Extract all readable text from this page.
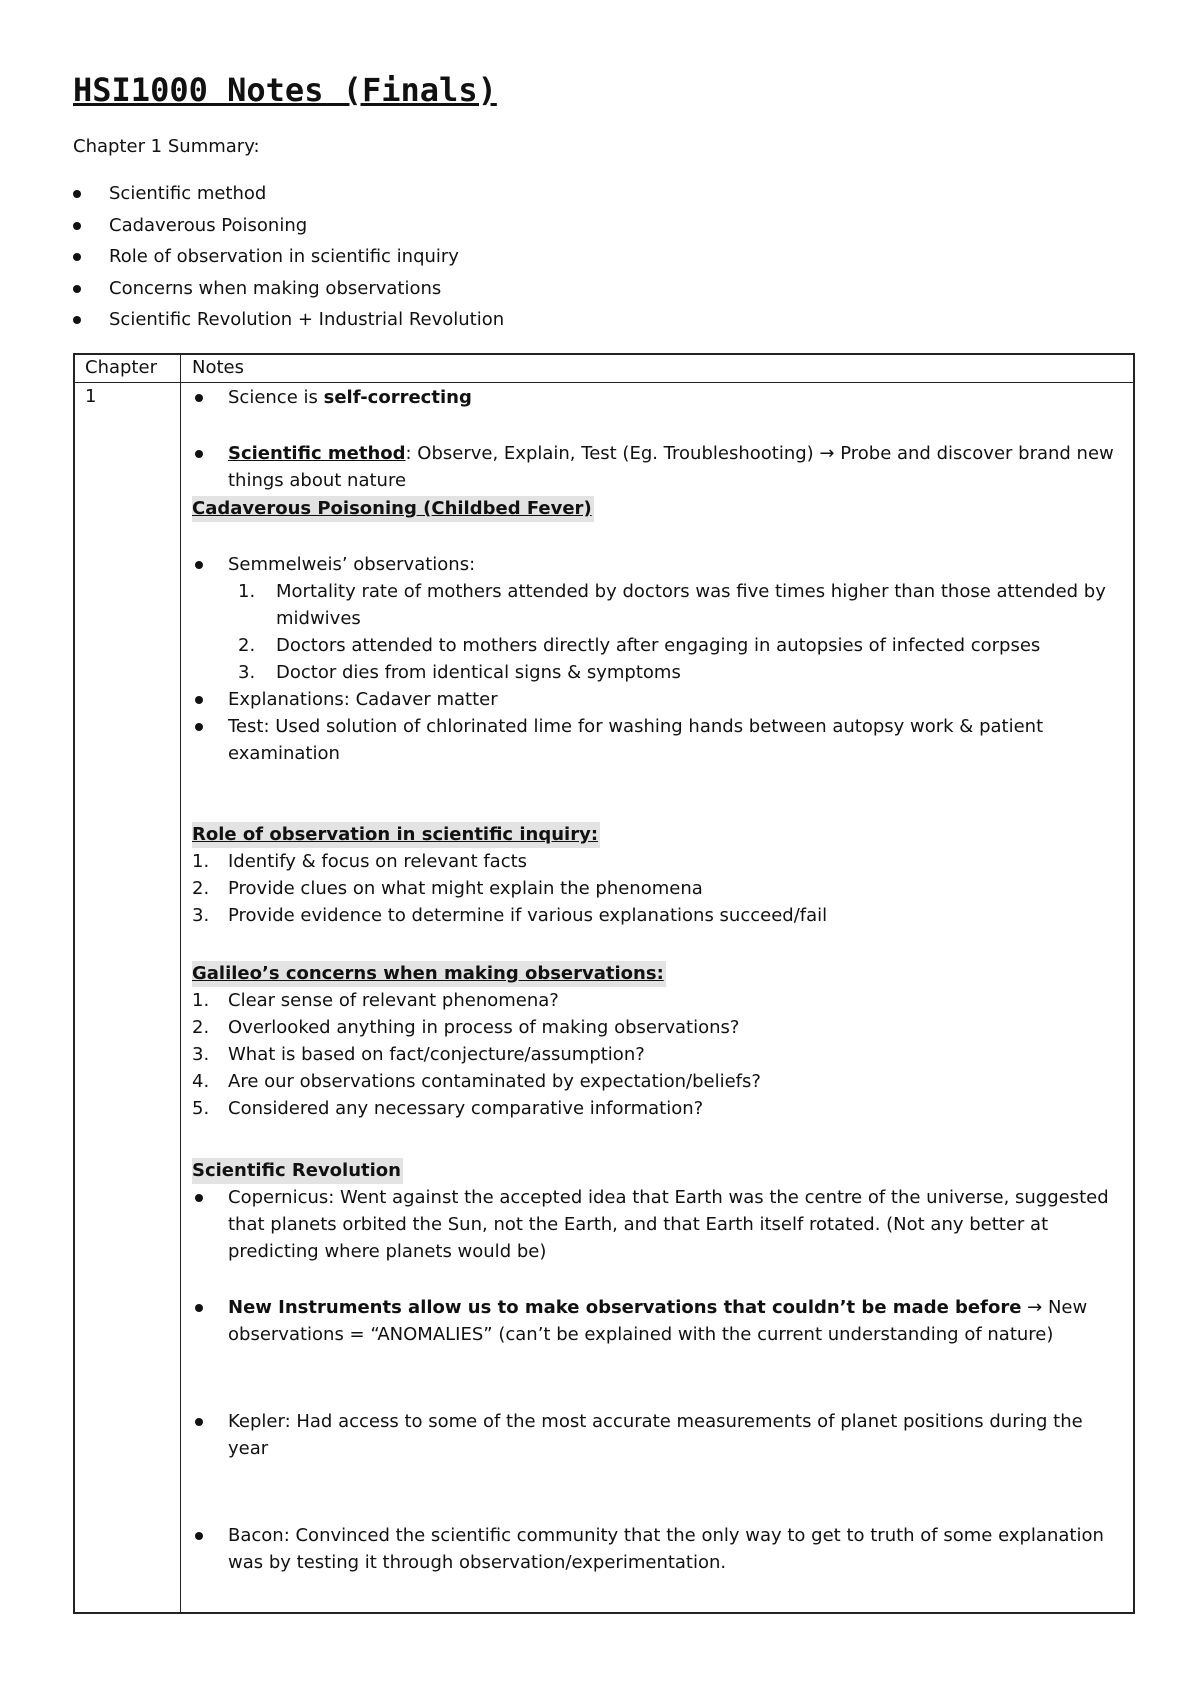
HSI1000 Notes (Finals)

Chapter 1 Summary:

Scientific method
Cadaverous Poisoning
Role of observation in scientific inquiry
Concerns when making observations
Scientific Revolution + Industrial Revolution
Chapter Notes
1	Science is self-correcting
Scientific method: Observe, Explain, Test (Eg. Troubleshooting) → Probe and discover brand new
things about nature
Cadaverous Poisoning (Childbed Fever)
Semmelweis’ observations:
1. Mortality rate of mothers attended by doctors was five times higher than those attended by
midwives
2. Doctors attended to mothers directly after engaging in autopsies of infected corpses
3. Doctor dies from identical signs & symptoms
Explanations: Cadaver matter
Test: Used solution of chlorinated lime for washing hands between autopsy work & patient
examination
Role of observation in scientific inquiry:
1. Identify & focus on relevant facts
2. Provide clues on what might explain the phenomena
3. Provide evidence to determine if various explanations succeed/fail
Galileo’s concerns when making observations:
1. Clear sense of relevant phenomena?
2. Overlooked anything in process of making observations?
3. What is based on fact/conjecture/assumption?
4. Are our observations contaminated by expectation/beliefs?
5. Considered any necessary comparative information?
Scientific Revolution
Copernicus: Went against the accepted idea that Earth was the centre of the universe, suggested
that planets orbited the Sun, not the Earth, and that Earth itself rotated. (Not any better at
predicting where planets would be)
New Instruments allow us to make observations that couldn’t be made before → New
observations = “ANOMALIES” (can’t be explained with the current understanding of nature)
Kepler: Had access to some of the most accurate measurements of planet positions during the
year
Bacon: Convinced the scientific community that the only way to get to truth of some explanation
was by testing it through observation/experimentation.
